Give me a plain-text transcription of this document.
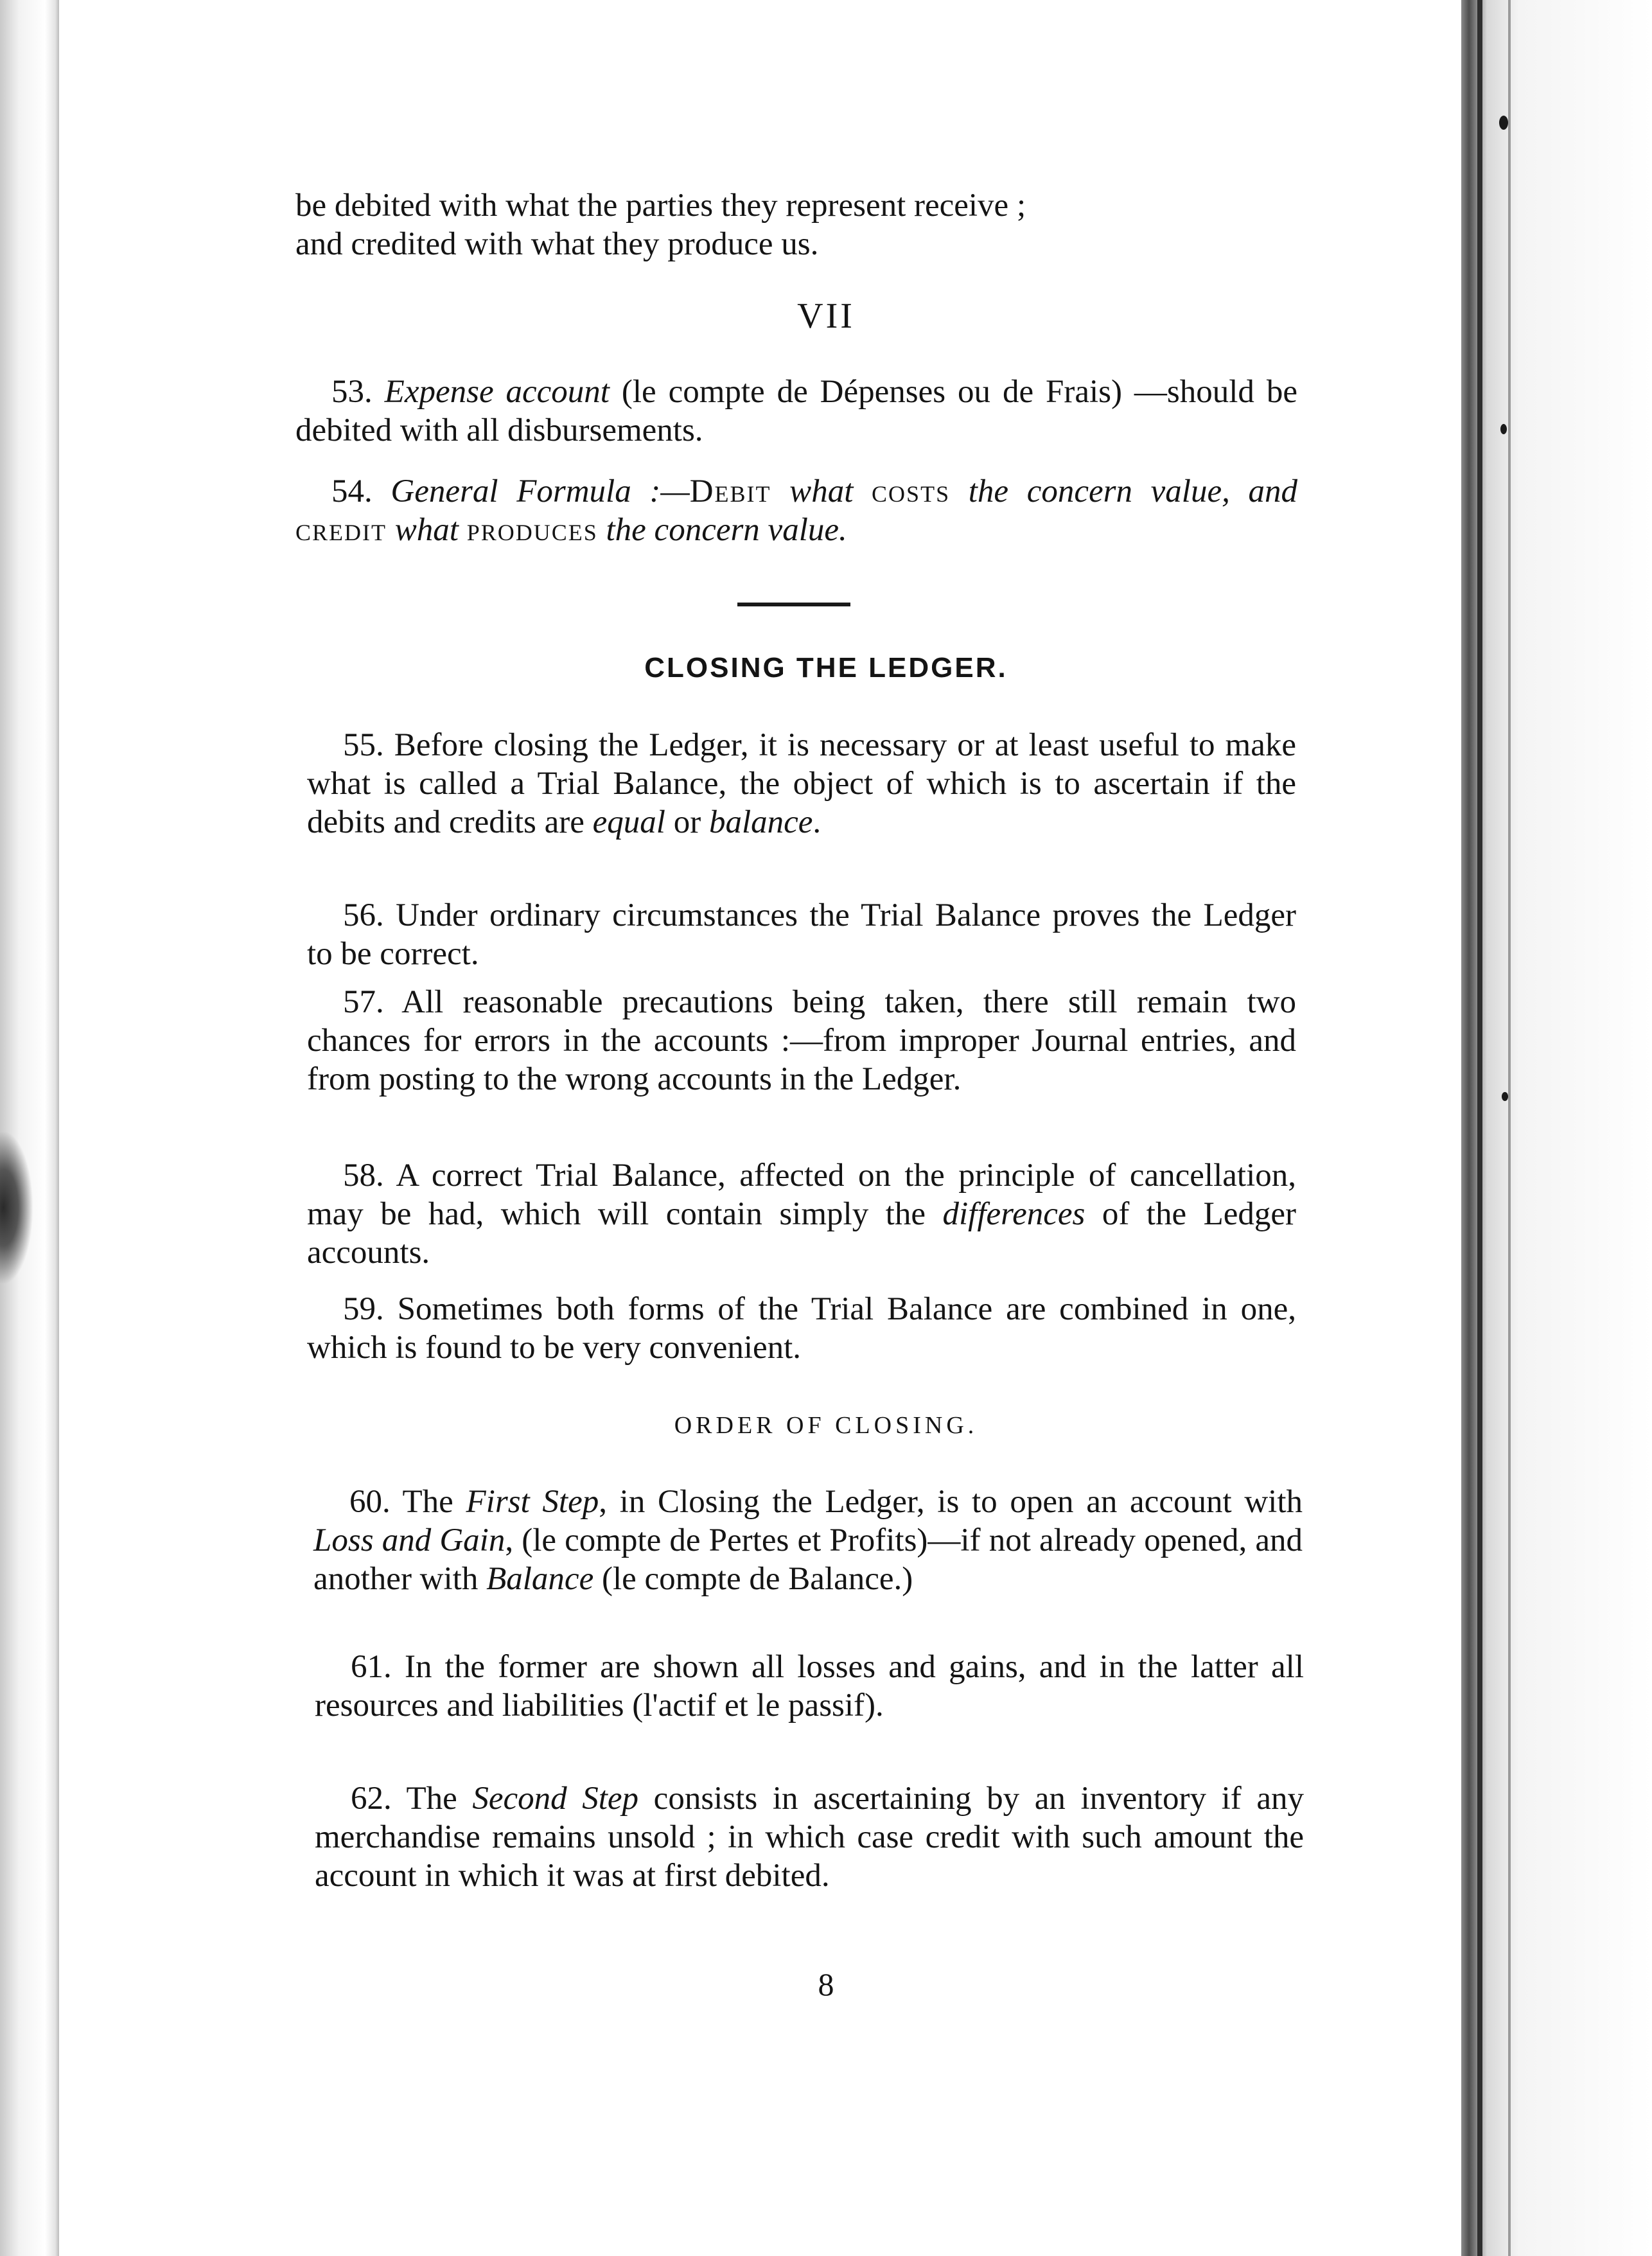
be debited with what the parties they represent receive ;
and credited with what they produce us.

VII

53. Expense account (le compte de Dépenses ou de Frais) —should be debited with all disbursements.

54. General Formula :—Debit what costs the concern value, and credit what produces the concern value.

CLOSING THE LEDGER.

55. Before closing the Ledger, it is necessary or at least useful to make what is called a Trial Balance, the object of which is to ascertain if the debits and credits are equal or balance.

56. Under ordinary circumstances the Trial Balance proves the Ledger to be correct.

57. All reasonable precautions being taken, there still remain two chances for errors in the accounts :—from improper Journal entries, and from posting to the wrong accounts in the Ledger.

58. A correct Trial Balance, affected on the principle of cancellation, may be had, which will contain simply the differences of the Ledger accounts.

59. Sometimes both forms of the Trial Balance are combined in one, which is found to be very convenient.

ORDER OF CLOSING.

60. The First Step, in Closing the Ledger, is to open an account with Loss and Gain, (le compte de Pertes et Profits)—if not already opened, and another with Balance (le compte de Balance.)

61. In the former are shown all losses and gains, and in the latter all resources and liabilities (l'actif et le passif).

62. The Second Step consists in ascertaining by an inventory if any merchandise remains unsold ; in which case credit with such amount the account in which it was at first debited.

8
